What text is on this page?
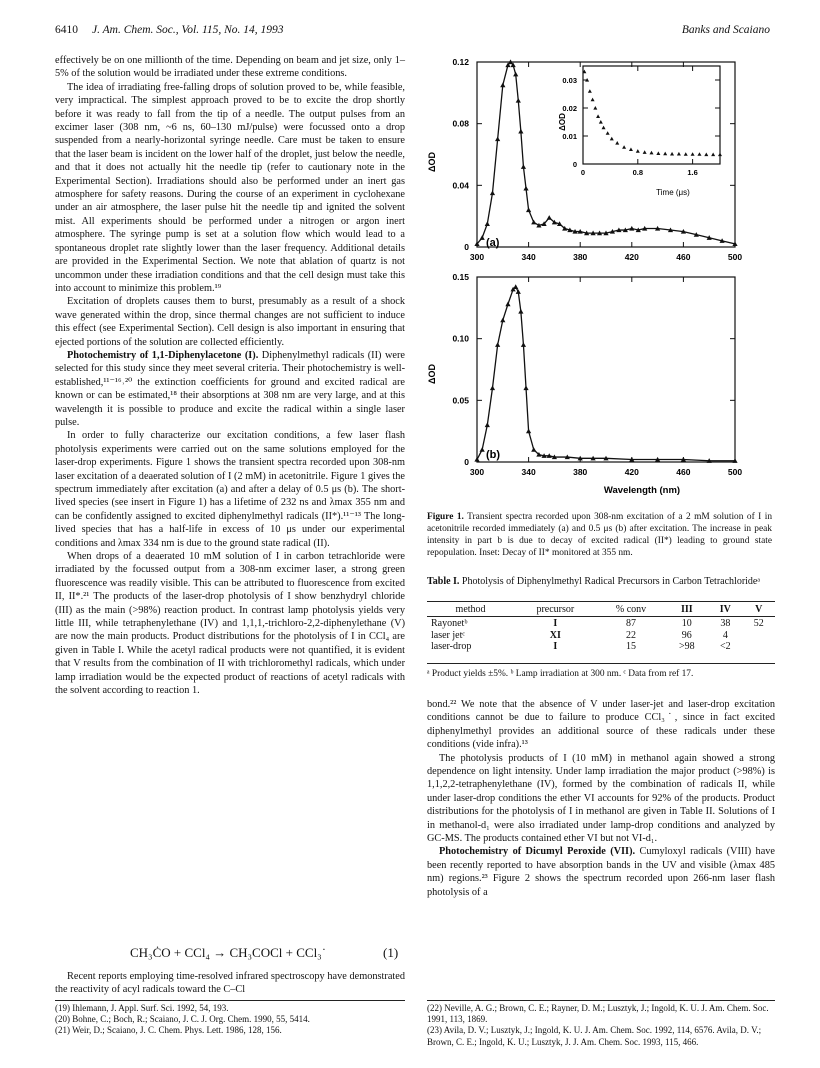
6410 J. Am. Chem. Soc., Vol. 115, No. 14, 1993	Banks and Scaiano

effectively be on one millionth of the time. Depending on beam and jet size, only 1–5% of the solution would be irradiated under these extreme conditions.

The idea of irradiating free-falling drops of solution proved to be, while feasible, very impractical. The simplest approach proved to be to excite the drop shortly before it was ready to fall from the tip of a needle. The output pulses from an excimer laser (308 nm, ~6 ns, 60–130 mJ/pulse) were focussed onto a drop suspended from a nearly-horizontal syringe needle. Care must be taken to ensure that the laser beam is incident on the lower half of the droplet, just below the needle, and that it does not actually hit the needle tip (refer to cautionary note in the Experimental Section). Irradiations should also be performed under an inert gas atmosphere for safety reasons. During the course of an experiment in cyclohexane under an air atmosphere, the laser pulse hit the needle tip and ignited the solvent mist. All experiments should be performed under a nitrogen or argon inert atmosphere. The syringe pump is set at a solution flow which would lead to a spontaneous droplet rate slightly lower than the laser frequency. Additional details are provided in the Experimental Section. We note that ablation of quartz is not uncommon under these irradiation conditions and that the cell design must take this into account to minimize this problem.¹⁹

Excitation of droplets causes them to burst, presumably as a result of a shock wave generated within the drop, since thermal changes are not sufficient to induce this effect (see Experimental Section). Cell design is also important in ensuring that ejected portions of the solution are collected efficiently.

Photochemistry of 1,1-Diphenylacetone (I). Diphenylmethyl radicals (II) were selected for this study since they meet several criteria. Their photochemistry is well-established,¹¹⁻¹⁶˒²⁰ the extinction coefficients for ground and excited radical are known or can be estimated,¹⁸ their absorptions at 308 nm are very large, and at this wavelength it is possible to produce and excite the radical within a single laser pulse.

In order to fully characterize our excitation conditions, a few laser flash photolysis experiments were carried out on the same solutions employed for the laser-drop experiments. Figure 1 shows the transient spectra recorded upon 308-nm laser excitation of a deaerated solution of I (2 mM) in acetonitrile. Figure 1 gives the spectrum immediately after excitation (a) and after a delay of 0.5 μs (b). The short-lived species (see insert in Figure 1) has a lifetime of 232 ns and λmax 355 nm and can be confidently assigned to excited diphenylmethyl radicals (II*).¹¹⁻¹³ The long-lived species that has a half-life in excess of 10 μs under our experimental conditions and λmax 334 nm is due to the ground state radical (II).

When drops of a deaerated 10 mM solution of I in carbon tetrachloride were irradiated by the focussed output from a 308-nm excimer laser, a strong green fluorescence was readily visible. This can be attributed to fluorescence from excited II, II*.²¹ The products of the laser-drop photolysis of I show benzhydryl chloride (III) as the main (>98%) reaction product. In contrast lamp photolysis yields very little III, while tetraphenylethane (IV) and 1,1,1,-trichloro-2,2-diphenylethane (V) are now the main products. Product distributions for the photolysis of I in CCl₄ are given in Table I. While the acetyl radical products were not quantified, it is evident that V results from the combination of II with trichloromethyl radicals, which under lamp irradiation would be the expected product of reactions of acetyl radicals with the solvent according to reaction 1.

CH₃ĊO + CCl₄ → CH₃COCl + CCl₃˙	(1)

Recent reports employing time-resolved infrared spectroscopy have demonstrated the reactivity of acyl radicals toward the C–Cl

(19) Ihlemann, J. Appl. Surf. Sci. 1992, 54, 193.
(20) Bohne, C.; Boch, R.; Scaiano, J. C. J. Org. Chem. 1990, 55, 5414.
(21) Weir, D.; Scaiano, J. C. Chem. Phys. Lett. 1986, 128, 156.
300	340	380	420	460	500
0
0.04
0.08
0.12
0	0.8	1.6
0
0.01
0.02
0.03
300	340	380	420	460	500
0
0.05
0.10
0.15
(a)
(b)
ΔOD
ΔOD
Wavelength (nm)
Time (μs)
ΔOD
Figure 1. Transient spectra recorded upon 308-nm excitation of a 2 mM solution of I in acetonitrile recorded immediately (a) and 0.5 μs (b) after excitation. The increase in peak intensity in part b is due to decay of excited radical (II*) leading to ground state repopulation. Inset: Decay of II* monitored at 355 nm.
Table I. Photolysis of Diphenylmethyl Radical Precursors in Carbon Tetrachlorideᵃ
method	precursor	% conv	III	IV	V

Rayonetᵇ	I	87	10	38	52
laser jetᶜ	XI	22	96	4	
laser-drop	I	15	>98	<2	
ᵃ Product yields ±5%. ᵇ Lamp irradiation at 300 nm. ᶜ Data from ref 17.

bond.²² We note that the absence of V under laser-jet and laser-drop excitation conditions cannot be due to failure to produce CCl₃˙, since in fact excited diphenylmethyl provides an additional source of these radicals under these conditions (vide infra).¹³

The photolysis products of I (10 mM) in methanol again showed a strong dependence on light intensity. Under lamp irradiation the major product (>98%) is 1,1,2,2-tetraphenylethane (IV), formed by the combination of radicals II, while under laser-drop conditions the ether VI accounts for 92% of the products. Product distributions for the photolysis of I in methanol are given in Table II. Solutions of I in methanol-d₁ were also irradiated under lamp-drop conditions and analyzed by GC-MS. The products contained ether VI but not VI-d₁.

Photochemistry of Dicumyl Peroxide (VII). Cumyloxyl radicals (VIII) have been recently reported to have absorption bands in the UV and visible (λmax 485 nm) regions.²³ Figure 2 shows the spectrum recorded upon 266-nm laser flash photolysis of a

(22) Neville, A. G.; Brown, C. E.; Rayner, D. M.; Lusztyk, J.; Ingold, K. U. J. Am. Chem. Soc. 1991, 113, 1869.
(23) Avila, D. V.; Lusztyk, J.; Ingold, K. U. J. Am. Chem. Soc. 1992, 114, 6576. Avila, D. V.; Brown, C. E.; Ingold, K. U.; Lusztyk, J. J. Am. Chem. Soc. 1993, 115, 466.
